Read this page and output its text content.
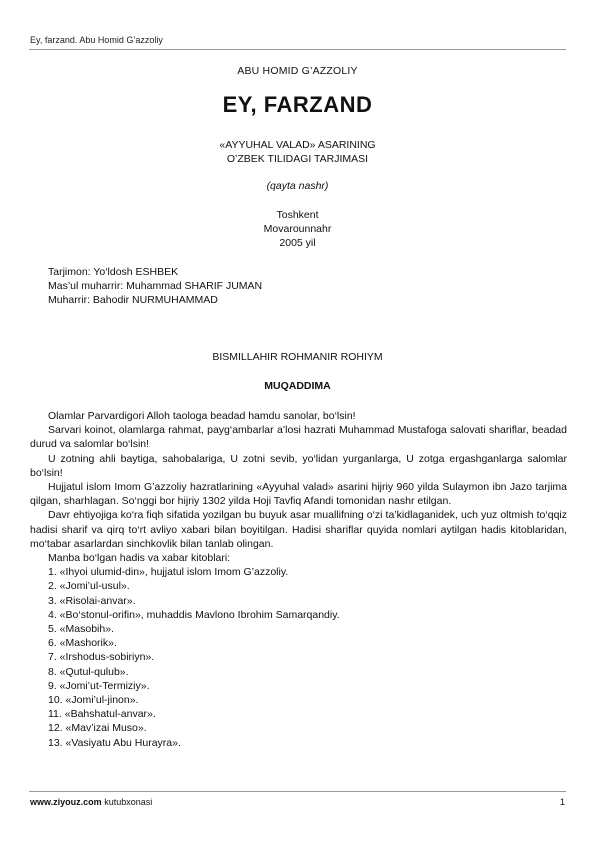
Ey, farzand. Abu Homid G’azzoliy
ABU HOMID G’AZZOLIY
EY, FARZAND
«AYYUHAL VALAD» ASARINING
O’ZBEK TILIDAGI TARJIMASI
(qayta nashr)
Toshkent
Movarounnahr
2005 yil
Tarjimon: Yo‘ldosh ESHBEK
Mas’ul muharrir: Muhammad SHARIF JUMAN
Muharrir: Bahodir NURMUHAMMAD
BISMILLAHIR ROHMANIR ROHIYM
MUQADDIMA

Olamlar Parvardigori Alloh taologa beadad hamdu sanolar, bo‘lsin!

Sarvari koinot, olamlarga rahmat, payg‘ambarlar a’losi hazrati Muhammad Mustafoga salovati shariflar, beadad durud va salomlar bo‘lsin!

U zotning ahli baytiga, sahobalariga, U zotni sevib, yo‘lidan yurganlarga, U zotga ergashganlarga salomlar bo‘lsin!

Hujjatul islom Imom G’azzoliy hazratlarining «Ayyuhal valad» asarini hijriy 960 yilda Sulaymon ibn Jazo tarjima qilgan, sharhlagan. So‘nggi bor hijriy 1302 yilda Hoji Tavfiq Afandi tomonidan nashr etilgan.

Davr ehtiyojiga ko‘ra fiqh sifatida yozilgan bu buyuk asar muallifning o‘zi ta’kidlaganidek, uch yuz oltmish to‘qqiz hadisi sharif va qirq to‘rt avliyo xabari bilan boyitilgan. Hadisi shariflar quyida nomlari aytilgan hadis kitoblaridan, mo‘tabar asarlardan sinchkovlik bilan tanlab olingan.

Manba bo‘lgan hadis va xabar kitoblari:
1. «Ihyoi ulumid-din», hujjatul islom Imom G’azzoliy.
2. «Jomi’ul-usul».
3. «Risolai-anvar».
4. «Bo‘stonul-orifin», muhaddis Mavlono Ibrohim Samarqandiy.
5. «Masobih».
6. «Mashorik».
7. «Irshodus-sobiriyn».
8. «Qutul-qulub».
9. «Jomi’ut-Termiziy».
10. «Jomi’ul-jinon».
11. «Bahshatul-anvar».
12. «Mav’izai Muso».
13. «Vasiyatu Abu Hurayra».
www.ziyouz.com kutubxonasi	1
